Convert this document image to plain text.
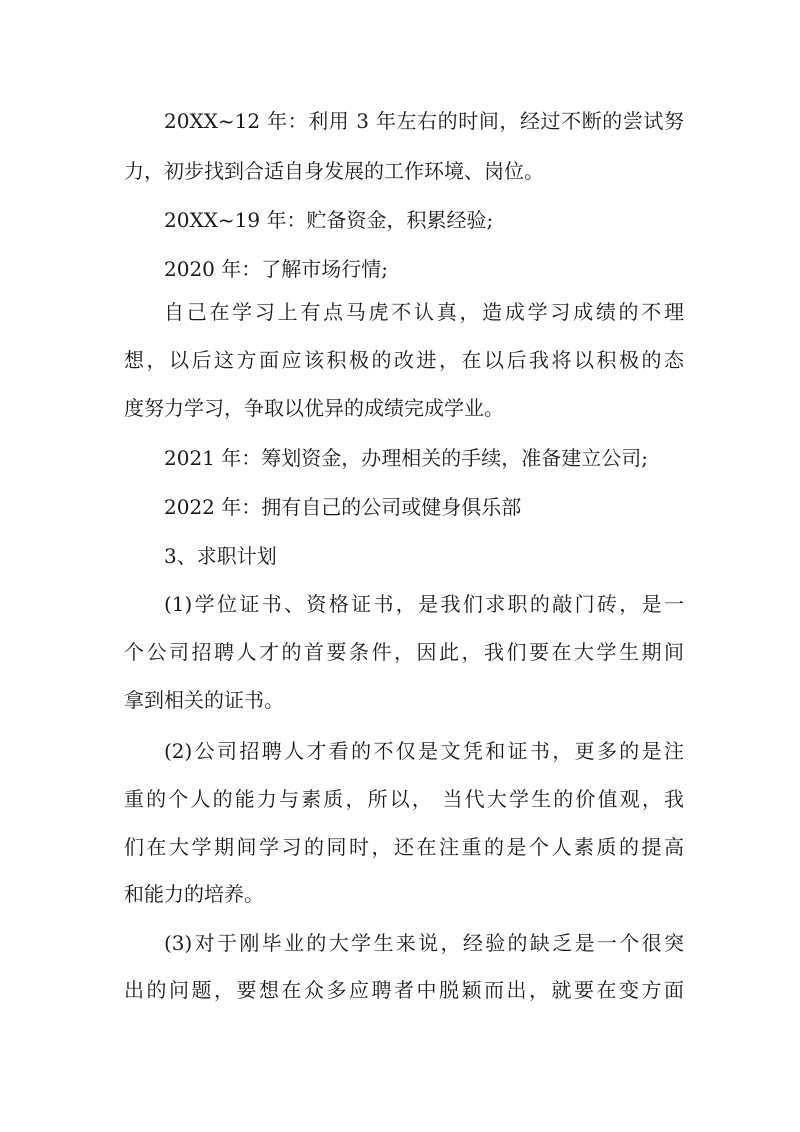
20XX~12 年：利用 3 年左右的时间，经过不断的尝试努

力，初步找到合适自身发展的工作环境、岗位。

20XX~19 年：贮备资金，积累经验;

2020 年：了解市场行情;

自己在学习上有点马虎不认真，造成学习成绩的不理

想，以后这方面应该积极的改进，在以后我将以积极的态

度努力学习，争取以优异的成绩完成学业。

2021 年：筹划资金，办理相关的手续，准备建立公司;

2022 年：拥有自己的公司或健身俱乐部

3、求职计划

(1)学位证书、资格证书，是我们求职的敲门砖，是一

个公司招聘人才的首要条件，因此，我们要在大学生期间

拿到相关的证书。

(2)公司招聘人才看的不仅是文凭和证书，更多的是注

重的个人的能力与素质，所以， 当代大学生的价值观，我

们在大学期间学习的同时，还在注重的是个人素质的提高

和能力的培养。

(3)对于刚毕业的大学生来说，经验的缺乏是一个很突

出的问题，要想在众多应聘者中脱颖而出，就要在变方面
